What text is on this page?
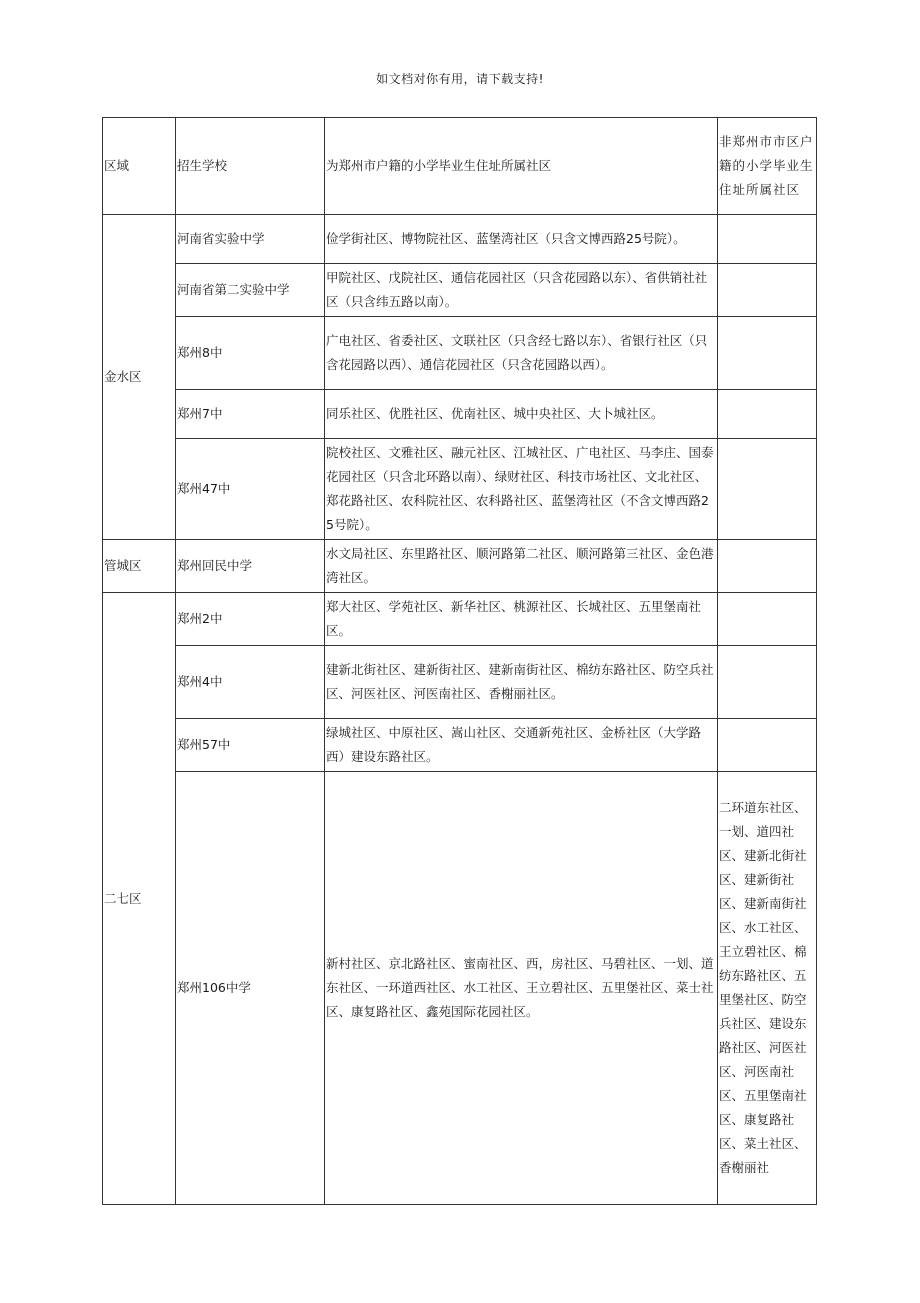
如文档对你有用，请下载支持!
区域	招生学校	为郑州市户籍的小学毕业生住址所属社区	非郑州市市区户籍的小学毕业生住址所属社区
金水区	河南省实验中学	俭学街社区、博物院社区、蓝堡湾社区（只含文博西路25号院）。	
	河南省第二实验中学	甲院社区、戊院社区、通信花园社区（只含花园路以东）、省供销社社区（只含纬五路以南）。	
	郑州8中	广电社区、省委社区、文联社区（只含经七路以东）、省银行社区（只含花园路以西）、通信花园社区（只含花园路以西）。	
	郑州7中	同乐社区、优胜社区、优南社区、城中央社区、大卜城社区。	
	郑州47中	院校社区、文雅社区、融元社区、江城社区、广电社区、马李庄、国泰花园社区（只含北环路以南）、绿财社区、科技市场社区、文北社区、郑花路社区、农科院社区、农科路社区、蓝堡湾社区（不含文博西路25号院）。	
管城区	郑州回民中学	水文局社区、东里路社区、顺河路第二社区、顺河路第三社区、金色港湾社区。	
二七区	郑州2中	郑大社区、学苑社区、新华社区、桃源社区、长城社区、五里堡南社区。	
	郑州4中	建新北街社区、建新街社区、建新南街社区、棉纺东路社区、防空兵社区、河医社区、河医南社区、香榭丽社区。	
	郑州57中	绿城社区、中原社区、嵩山社区、交通新苑社区、金桥社区（大学路西）建设东路社区。	
	郑州106中学	新村社区、京北路社区、蜜南社区、西，房社区、马碧社区、一划、道东社区、一环道西社区、水工社区、王立碧社区、五里堡社区、菜士社区、康复路社区、鑫苑国际花园社区。	二环道东社区、一划、道四社区、建新北街社区、建新街社区、建新南街社区、水工社区、王立碧社区、棉纺东路社区、五里堡社区、防空兵社区、建设东路社区、河医社区、河医南社区、五里堡南社区、康复路社区、菜土社区、香榭丽社
